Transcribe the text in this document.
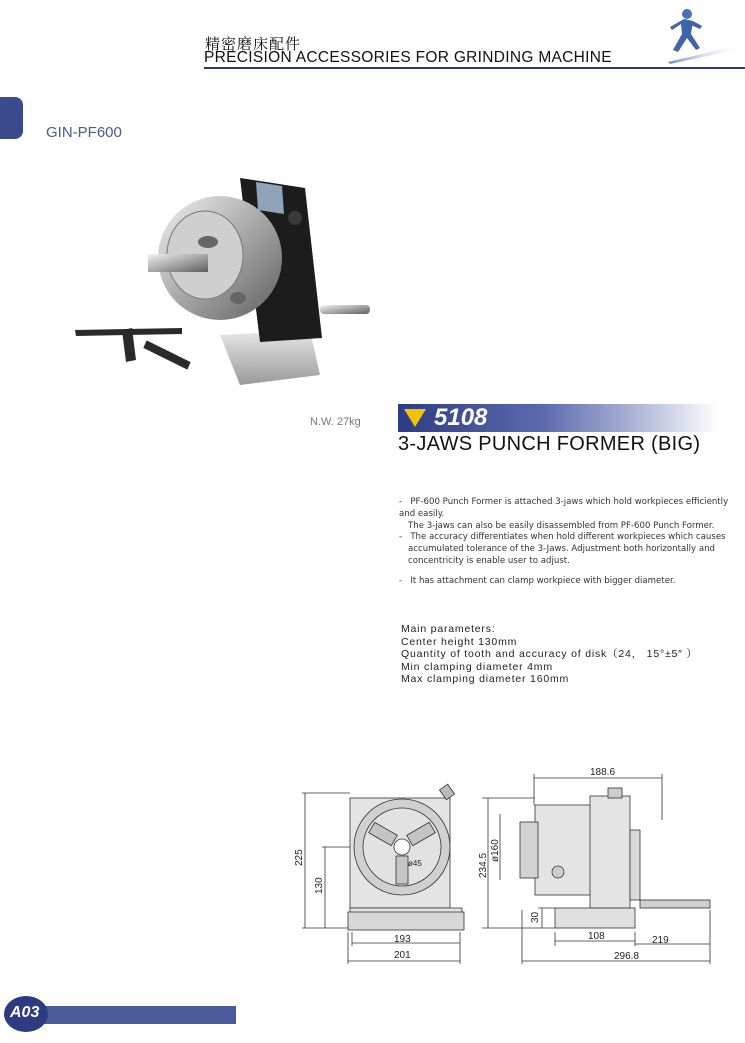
精密磨床配件
PRECISION ACCESSORIES FOR GRINDING MACHINE
GIN-PF600
N.W. 27kg	5108
3-JAWS PUNCH FORMER (BIG)
- PF-600 Punch Former is attached 3-jaws which hold workpieces efficiently and easily.
The 3-jaws can also be easily disassembled from PF-600 Punch Former.
- The accuracy differentiates when hold different workpieces which causes
accumulated tolerance of the 3-Jaws. Adjustment both horizontally and
concentricity is enable user to adjust.
- It has attachment can clamp workpiece with bigger diameter.
Main parameters:
Center height 130mm
Quantity of tooth and accuracy of disk（24， 15°±5″ ）
Min clamping diameter 4mm
Max clamping diameter 160mm
225
130
193
201
ø45
188.6
234.5
ø160
30
108	219
296.8
A03
